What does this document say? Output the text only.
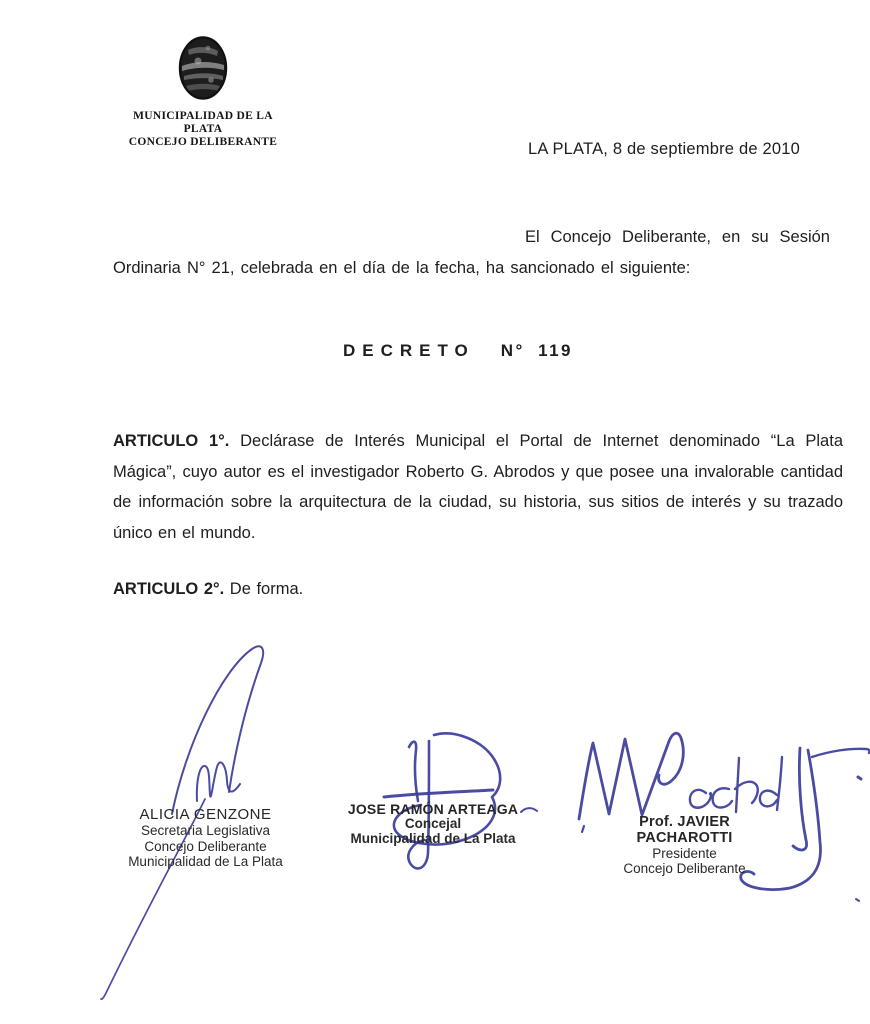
MUNICIPALIDAD DE LA PLATA
CONCEJO DELIBERANTE	LA PLATA, 8 de septiembre de 2010
El Concejo Deliberante, en su Sesión Ordinaria N° 21, celebrada en el día de la fecha, ha sancionado el siguiente:
DECRETO N° 119
ARTICULO 1°. Declárase de Interés Municipal el Portal de Internet denominado “La Plata Mágica”, cuyo autor es el investigador Roberto G. Abrodos y que posee una invalorable cantidad de información sobre la arquitectura de la ciudad, su historia, sus sitios de interés y su trazado único en el mundo.
ARTICULO 2°. De forma.
ALICIA GENZONE
Secretaria Legislativa
Concejo Deliberante
Municipalidad de La Plata
JOSE RAMÓN ARTEAGA
Concejal
Municipalidad de La Plata
Prof. JAVIER PACHAROTTI
Presidente
Concejo Deliberante
